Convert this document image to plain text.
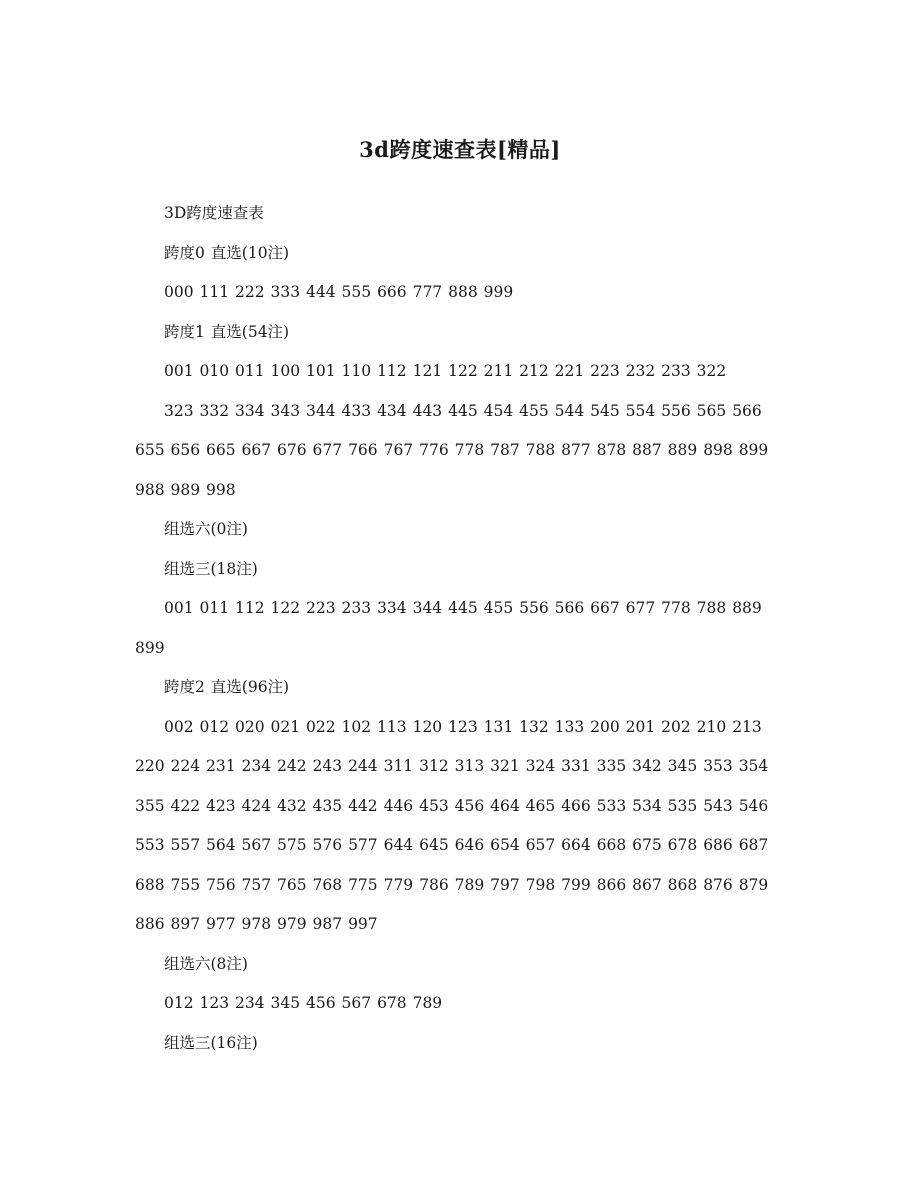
3d跨度速查表[精品]

3D跨度速查表

跨度0 直选(10注)

000 111 222 333 444 555 666 777 888 999

跨度1 直选(54注)

001 010 011 100 101 110 112 121 122 211 212 221 223 232 233 322

323 332 334 343 344 433 434 443 445 454 455 544 545 554 556 565 566 655 656 665 667 676 677 766 767 776 778 787 788 877 878 887 889 898 899 988 989 998

组选六(0注)

组选三(18注)

001 011 112 122 223 233 334 344 445 455 556 566 667 677 778 788 889 899

跨度2 直选(96注)

002 012 020 021 022 102 113 120 123 131 132 133 200 201 202 210 213 220 224 231 234 242 243 244 311 312 313 321 324 331 335 342 345 353 354 355 422 423 424 432 435 442 446 453 456 464 465 466 533 534 535 543 546 553 557 564 567 575 576 577 644 645 646 654 657 664 668 675 678 686 687 688 755 756 757 765 768 775 779 786 789 797 798 799 866 867 868 876 879 886 897 977 978 979 987 997

组选六(8注)

012 123 234 345 456 567 678 789

组选三(16注)
